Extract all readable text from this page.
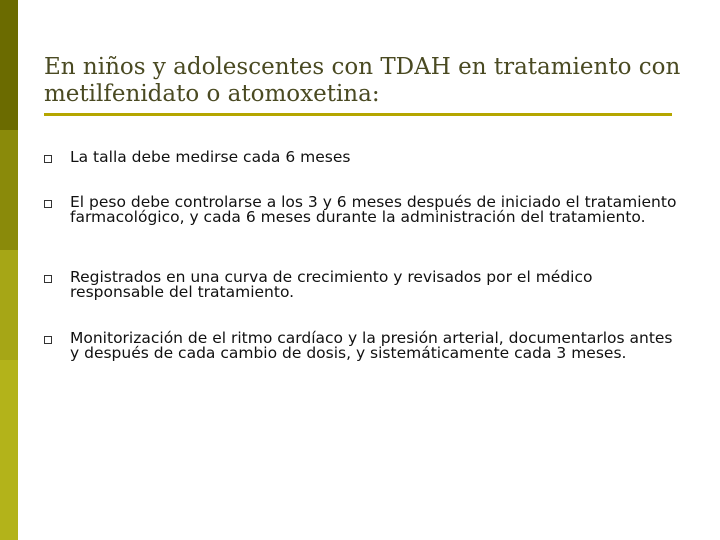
En niños y adolescentes con TDAH en tratamiento con metilfenidato o atomoxetina:
La talla debe medirse cada 6 meses
El peso debe controlarse a los 3 y 6 meses después de iniciado el tratamiento farmacológico, y cada 6 meses durante la administración del tratamiento.
Registrados en una curva de crecimiento y revisados por el médico responsable del tratamiento.
Monitorización de el ritmo cardíaco y la presión arterial, documentarlos antes y después de cada cambio de dosis, y sistemáticamente cada 3 meses.
